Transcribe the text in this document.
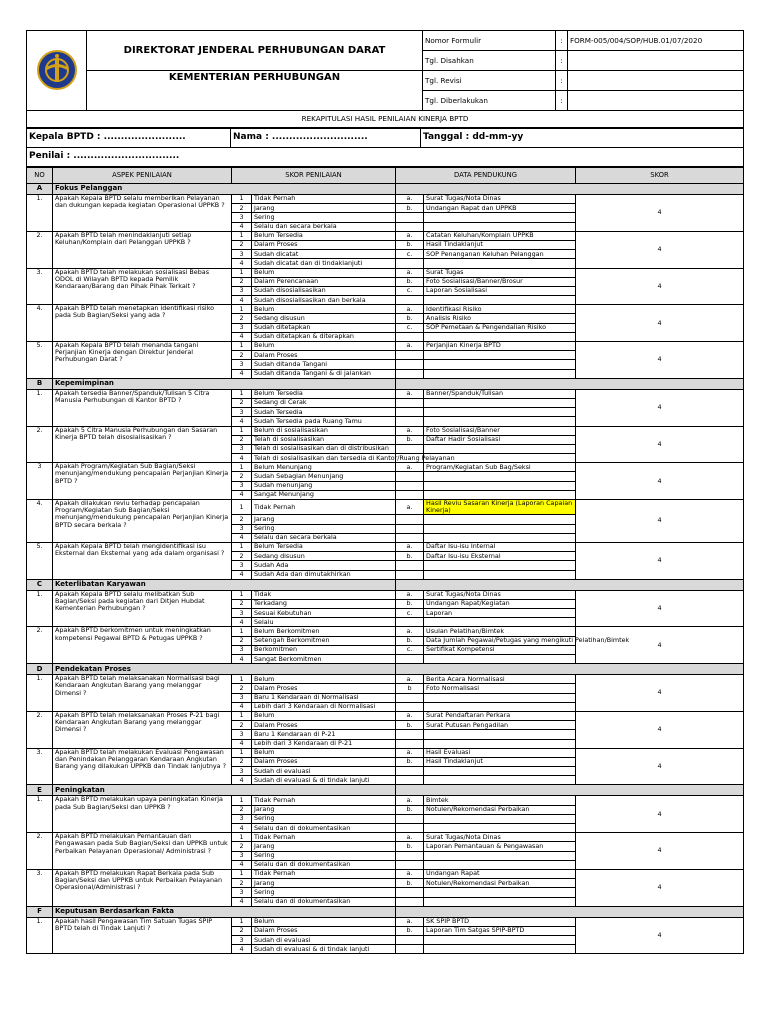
	DIREKTORAT JENDERAL PERHUBUNGAN DARAT	Nomor Formulir	:	FORM-005/004/SOP/HUB.01/07/2020
		Tgl. Disahkan	:	
	KEMENTERIAN PERHUBUNGAN	Tgl. Revisi	:	
		Tgl. Diberlakukan	:	
REKAPITULASI HASIL PENILAIAN KINERJA BPTD				
Kepala BPTD : ........................	Nama : ............................	Tanggal : dd-mm-yy
Penilai : ...............................
NO	ASPEK PENILAIAN	SKOR PENILAIAN		DATA PENDUKUNG		SKOR
A	Fokus Pelanggan					
1.	Apakah Kepala BPTD selalu memberikan Pelayanan dan dukungan kepada kegiatan Operasional UPPKB ?	1	Tidak Pernah	a.	Surat Tugas/Nota Dinas	4
		2	Jarang	b.	Undangan Rapat dan UPPKB	
		3	Sering			
		4	Selalu dan secara berkala			
2.	Apakah BPTD telah menindaklanjuti setiap Keluhan/Komplain dari Pelanggan UPPKB ?	1	Belum Tersedia	a.	Catatan Keluhan/Komplain UPPKB	4
		2	Dalam Proses	b.	Hasil Tindaklanjut	
		3	Sudah dicatat	c.	SOP Penanganan Keluhan Pelanggan	
		4	Sudah dicatat dan di tindaklanjuti			
3.	Apakah BPTD telah melakukan sosialisasi Bebas ODOL di Wilayah BPTD kepada Pemilik Kendaraan/Barang dan Pihak Pihak Terkait ?	1	Belum	a.	Surat Tugas	4
		2	Dalam Perencanaan	b.	Foto Sosialisasi/Banner/Brosur	
		3	Sudah disosialisasikan	c.	Laporan Sosialisasi	
		4	Sudah disosialisasikan dan berkala			
4.	Apakah BPTD telah menetapkan identifikasi risiko pada Sub Bagian/Seksi yang ada ?	1	Belum	a.	Identifikasi Risiko	4
		2	Sedang disusun	b.	Analisis Risiko	
		3	Sudah ditetapkan	c.	SOP Pemetaan & Pengendalian Risiko	
		4	Sudah ditetapkan & diterapkan			
5.	Apakah Kepala BPTD telah menanda tangani Perjanjian Kinerja dengan Direktur Jenderal Perhubungan Darat ?	1	Belum	a.	Perjanjian Kinerja BPTD	4
		2	Dalam Proses			
		3	Sudah ditanda Tangani			
		4	Sudah ditanda Tangani & di jalankan			
B	Kepemimpinan					
1.	Apakah tersedia Banner/Spanduk/Tulisan 5 Citra Manusia Perhubungan di Kantor BPTD ?	1	Belum Tersedia	a.	Banner/Spanduk/Tulisan	4
		2	Sedang di Cerak			
		3	Sudah Tersedia			
		4	Sudah Tersedia pada Ruang Tamu			
2.	Apakah 5 Citra Manusia Perhubungan dan Sasaran Kinerja BPTD telah disosialisasikan ?	1	Belum di sosialisasikan	a.	Foto Sosialisasi/Banner	4
		2	Telah di sosialisasikan	b.	Daftar Hadir Sosialisasi	
		3	Telah di sosialisasikan dan di distribusikan			
		4	Telah di sosialisasikan dan tersedia di Kantor/Ruang Pelayanan			
3	Apakah Program/Kegiatan Sub Bagian/Seksi menunjang/mendukung pencapaian Perjanjian Kinerja BPTD ?	1	Belum Menunjang	a.	Program/Kegiatan Sub Bag/Seksi	4
		2	Sudah Sebagian Menunjang			
		3	Sudah menunjang			
		4	Sangat Menunjang			
4.	Apakah dilakukan reviu terhadap pencapaian Program/Kegiatan Sub Bagian/Seksi menunjang/mendukung pencapaian Perjanjian Kinerja BPTD secara berkala ?	1	Tidak Pernah	a.	Hasil Reviu Sasaran Kinerja (Laporan Capaian Kinerja)	4
		2	Jarang			
		3	Sering			
		4	Selalu dan secara berkala			
5.	Apakah Kepala BPTD telah mengidentifikasi isu Eksternal dan Eksternal yang ada dalam organisasi ?	1	Belum Tersedia	a.	Daftar Isu-isu Internal	4
		2	Sedang disusun	b.	Daftar Isu-isu Eksternal	
		3	Sudah Ada			
		4	Sudah Ada dan dimutakhirkan			
C	Keterlibatan Karyawan					
1.	Apakah Kepala BPTD selalu melibatkan Sub Bagian/Seksi pada kegiatan dari Ditjen Hubdat Kementerian Perhubungan ?	1	Tidak	a.	Surat Tugas/Nota Dinas	4
		2	Terkadang	b.	Undangan Rapat/Kegiatan	
		3	Sesuai Kebutuhan	c.	Laporan	
		4	Selalu			
2.	Apakah BPTD berkomitmen untuk meningkatkan kompetensi Pegawai BPTD & Petugas UPPKB ?	1	Belum Berkomitmen	a.	Usulan Pelatihan/Bimtek	4
		2	Setengah Berkomitmen	b.	Data Jumlah Pegawai/Petugas yang mengikuti Pelatihan/Bimtek	
		3	Berkomitmen	c.	Sertifikat Kompetensi	
		4	Sangat Berkomitmen			
D	Pendekatan Proses					
1.	Apakah BPTD telah melaksanakan Normalisasi bagi Kendaraan Angkutan Barang yang melanggar Dimensi ?	1	Belum	a.	Berita Acara Normalisasi	4
		2	Dalam Proses	b	Foto Normalisasi	
		3	Baru 1 Kendaraan di Normalisasi			
		4	Lebih dari 3 Kendaraan di Normalisasi			
2.	Apakah BPTD telah melaksanakan Proses P-21 bagi Kendaraan Angkutan Barang yang melanggar Dimensi ?	1	Belum	a.	Surat Pendaftaran Perkara	4
		2	Dalam Proses	b.	Surat Putusan Pengadilan	
		3	Baru 1 Kendaraan di P-21			
		4	Lebih dari 3 Kendaraan di P-21			
3.	Apakah BPTD telah melakukan Evaluasi Pengawasan dan Penindakan Pelanggaran Kendaraan Angkutan Barang yang dilakukan UPPKB dan Tindak lanjutnya ?	1	Belum	a.	Hasil Evaluasi	4
		2	Dalam Proses	b.	Hasil Tindaklanjut	
		3	Sudah di evaluasi			
		4	Sudah di evaluasi & di tindak lanjuti			
E	Peningkatan					
1.	Apakah BPTD melakukan upaya peningkatan Kinerja pada Sub Bagian/Seksi dan UPPKB ?	1	Tidak Pernah	a.	Bimtek	4
		2	Jarang	b.	Notulen/Rekomendasi Perbaikan	
		3	Sering			
		4	Selalu dan di dokumentasikan			
2.	Apakah BPTD melakukan Pemantauan dan Pengawasan pada Sub Bagian/Seksi dan UPPKB untuk Perbaikan Pelayanan Operasional/ Administrasi ?	1	Tidak Pernah	a.	Surat Tugas/Nota Dinas	4
		2	Jarang	b.	Laporan Pemantauan & Pengawasan	
		3	Sering			
		4	Selalu dan di dokumentasikan			
3.	Apakah BPTD melakukan Rapat Berkala pada Sub Bagian/Seksi dan UPPKB untuk Perbaikan Pelayanan Operasional/Administrasi ?	1	Tidak Pernah	a.	Undangan Rapat	4
		2	Jarang	b.	Notulen/Rekomendasi Perbaikan	
		3	Sering			
		4	Selalu dan di dokumentasikan			
F	Keputusan Berdasarkan Fakta					
1.	Apakah hasil Pengawasan Tim Satuan Tugas SPIP BPTD telah di Tindak Lanjuti ?	1	Belum	a.	SK SPIP BPTD	4
		2	Dalam Proses	b.	Laporan Tim Satgas SPIP-BPTD	
		3	Sudah di evaluasi			
		4	Sudah di evaluasi & di tindak lanjuti			
